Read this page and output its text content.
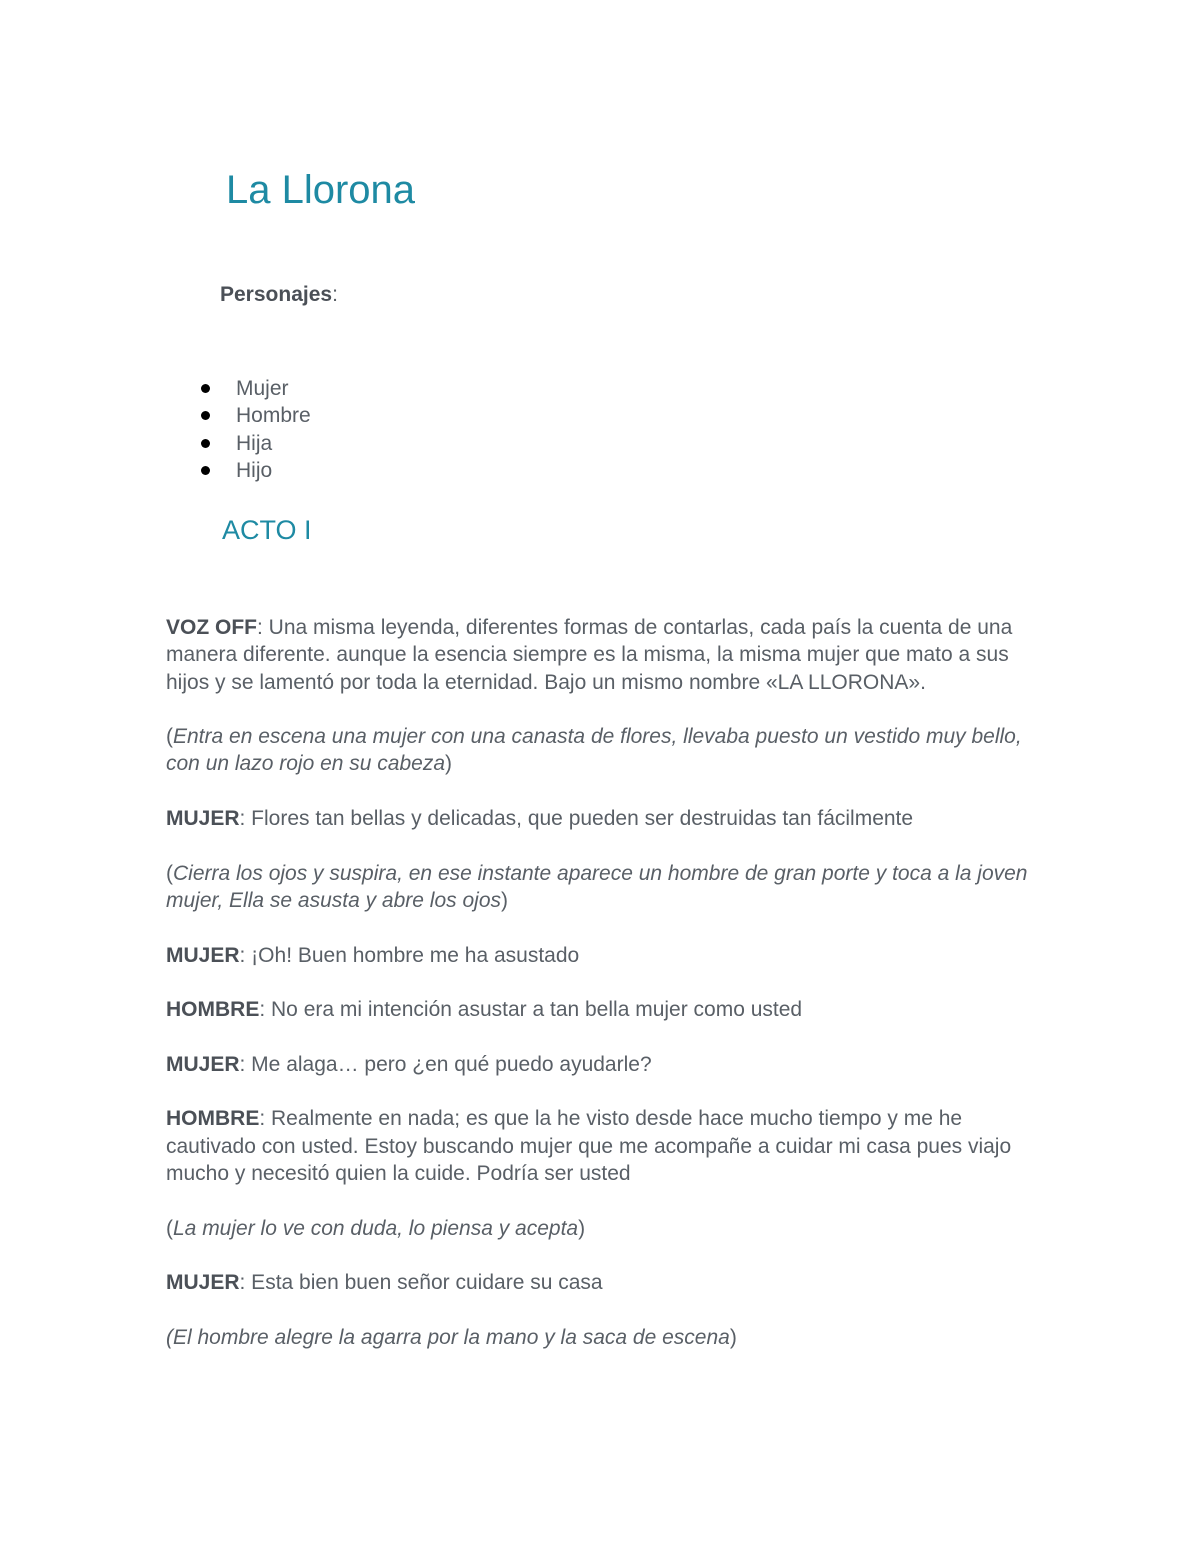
La Llorona

Personajes:

Mujer
Hombre
Hija
Hijo
ACTO I

VOZ OFF: Una misma leyenda, diferentes formas de contarlas, cada país la cuenta de una manera diferente. aunque la esencia siempre es la misma, la misma mujer que mato a sus hijos y se lamentó por toda la eternidad. Bajo un mismo nombre «LA LLORONA».

(Entra en escena una mujer con una canasta de flores, llevaba puesto un vestido muy bello, con un lazo rojo en su cabeza)

MUJER: Flores tan bellas y delicadas, que pueden ser destruidas tan fácilmente

(Cierra los ojos y suspira, en ese instante aparece un hombre de gran porte y toca a la joven mujer, Ella se asusta y abre los ojos)

MUJER: ¡Oh! Buen hombre me ha asustado

HOMBRE: No era mi intención asustar a tan bella mujer como usted

MUJER: Me alaga… pero ¿en qué puedo ayudarle?

HOMBRE: Realmente en nada; es que la he visto desde hace mucho tiempo y me he cautivado con usted. Estoy buscando mujer que me acompañe a cuidar mi casa pues viajo mucho y necesitó quien la cuide. Podría ser usted

(La mujer lo ve con duda, lo piensa y acepta)

MUJER: Esta bien buen señor cuidare su casa

(El hombre alegre la agarra por la mano y la saca de escena)
